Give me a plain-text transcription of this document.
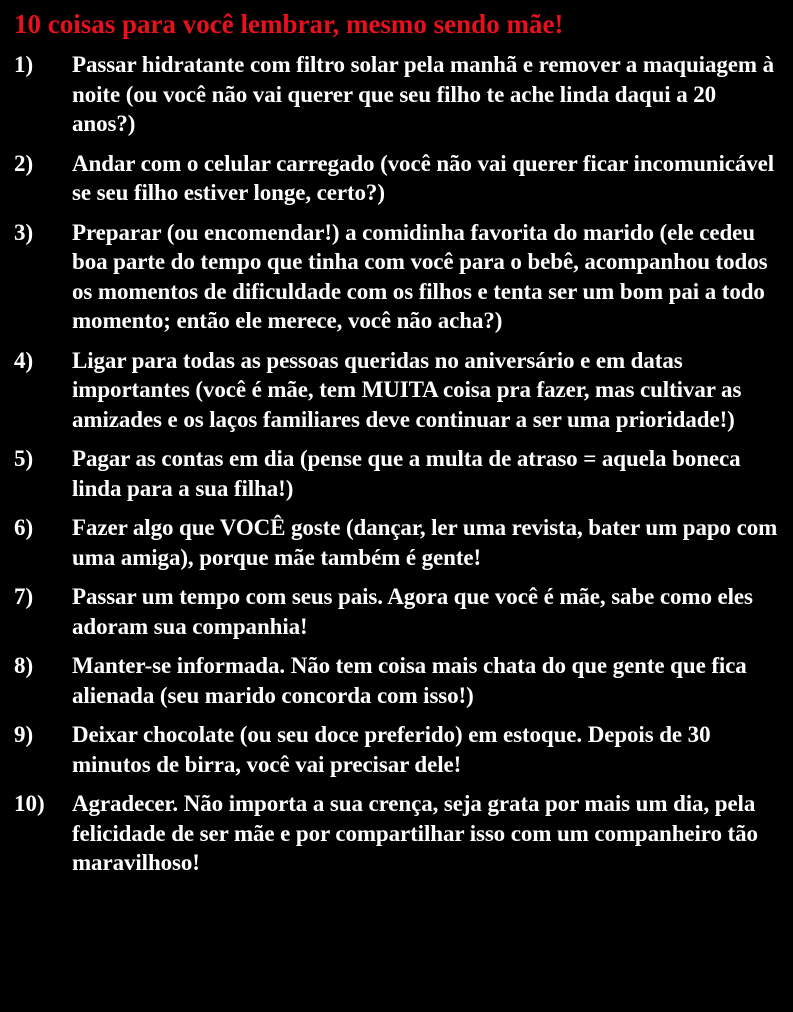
10 coisas para você lembrar, mesmo sendo mãe!
1)	Passar hidratante com filtro solar pela manhã e remover a maquiagem à noite (ou você não vai querer que seu filho te ache linda daqui a 20 anos?)
2)	Andar com o celular carregado (você não vai querer ficar incomunicável se seu filho estiver longe, certo?)
3)	Preparar (ou encomendar!) a comidinha favorita do marido (ele cedeu boa parte do tempo que tinha com você para o bebê, acompanhou todos os momentos de dificuldade com os filhos e tenta ser um bom pai a todo momento; então ele merece, você não acha?)
4)	Ligar para todas as pessoas queridas no aniversário e em datas importantes (você é mãe, tem MUITA coisa pra fazer, mas cultivar as amizades e os laços familiares deve continuar a ser uma prioridade!)
5)	Pagar as contas em dia (pense que a multa de atraso = aquela boneca linda para a sua filha!)
6)	Fazer algo que VOCÊ goste (dançar, ler uma revista, bater um papo com uma amiga), porque mãe também é gente!
7)	Passar um tempo com seus pais. Agora que você é mãe, sabe como eles adoram sua companhia!
8)	Manter-se informada. Não tem coisa mais chata do que gente que fica alienada (seu marido concorda com isso!)
9)	Deixar chocolate (ou seu doce preferido) em estoque. Depois de 30 minutos de birra, você vai precisar dele!
10)	Agradecer. Não importa a sua crença, seja grata por mais um dia, pela felicidade de ser mãe e por compartilhar isso com um companheiro tão maravilhoso!
